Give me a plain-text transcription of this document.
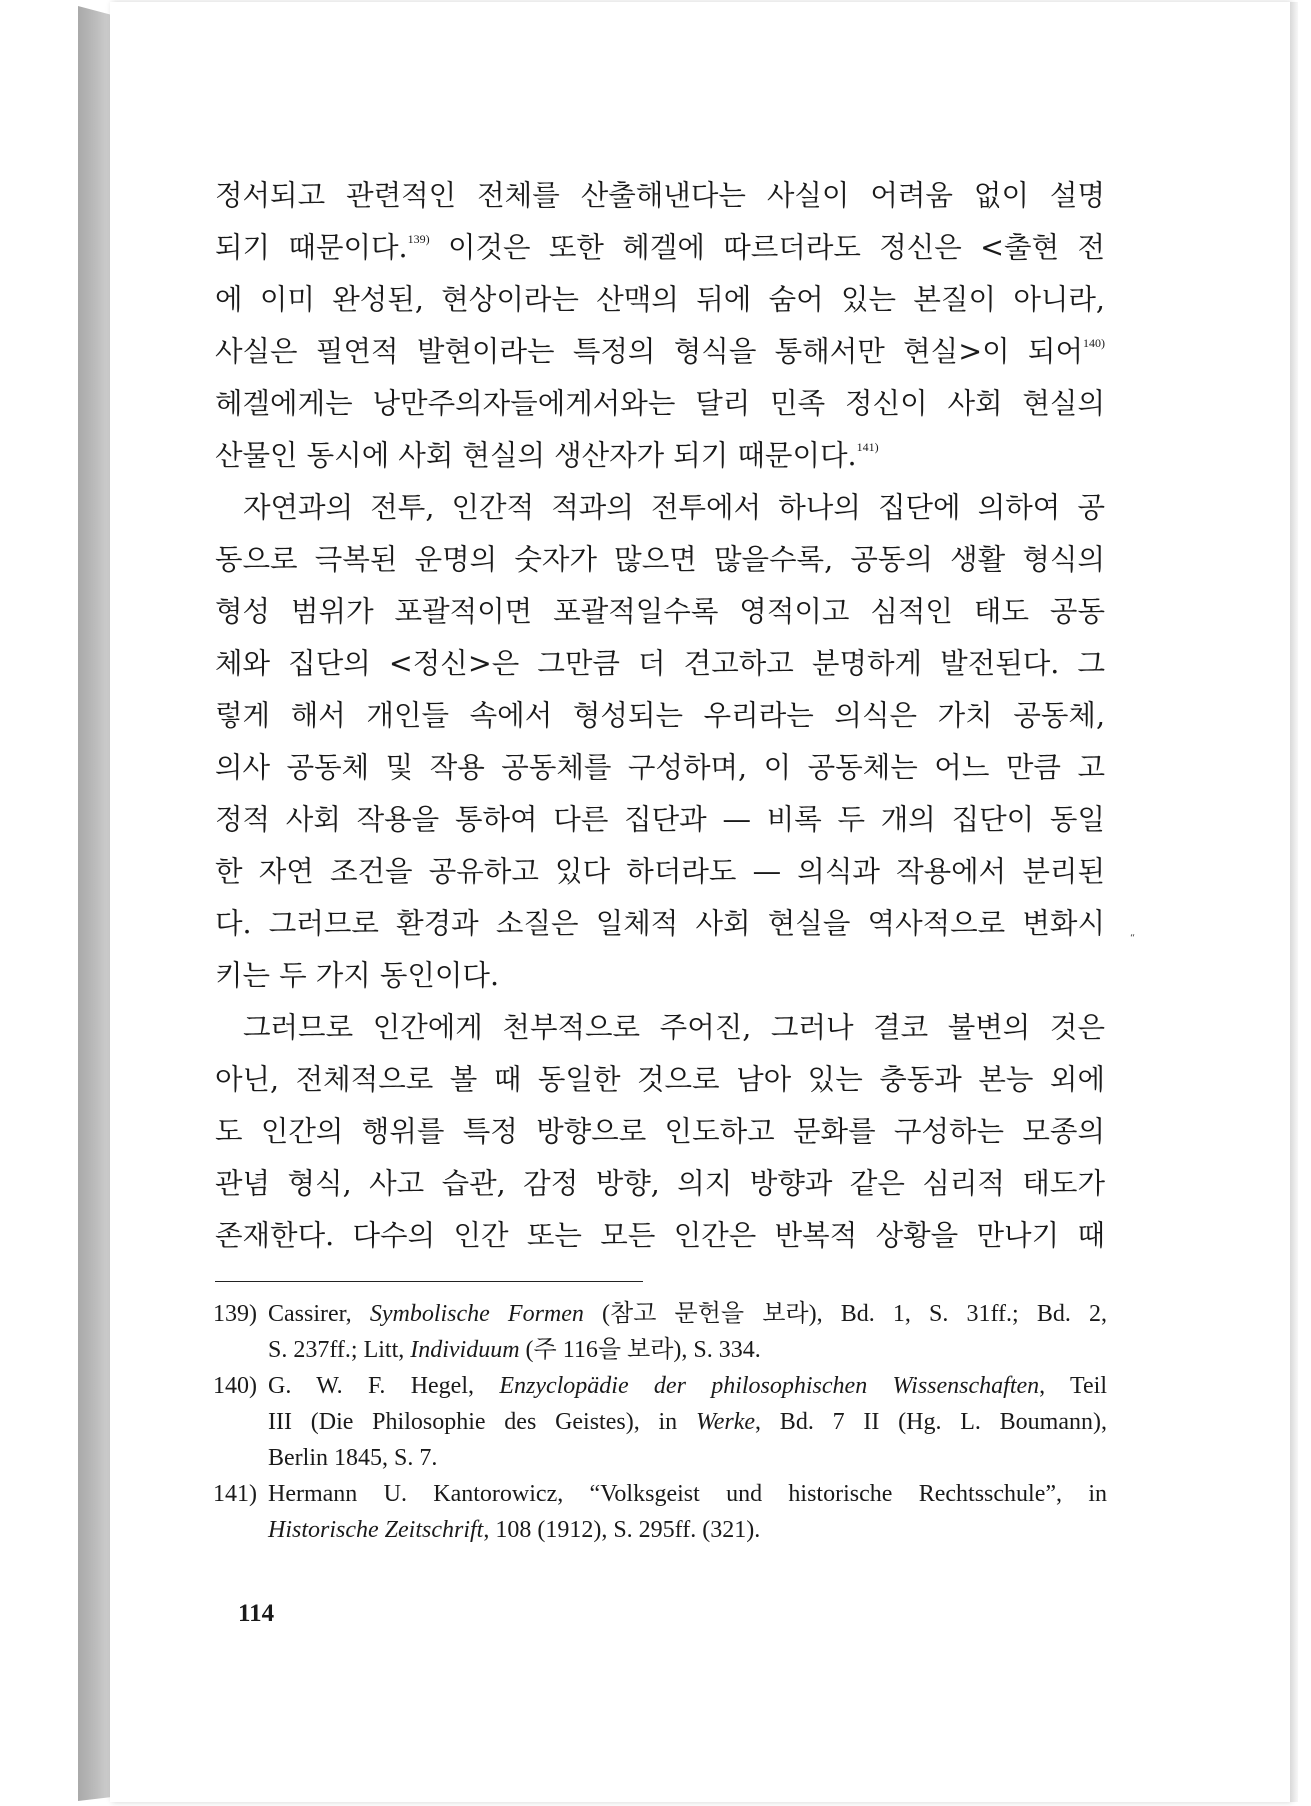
정서되고 관련적인 전체를 산출해낸다는 사실이 어려움 없이 설명
되기 때문이다.$^{139)}$ 이것은 또한 헤겔에 따르더라도 정신은 <출현 전
에 이미 완성된, 현상이라는 산맥의 뒤에 숨어 있는 본질이 아니라,
사실은 필연적 발현이라는 특정의 형식을 통해서만 현실>이 되어$^{140)}$
헤겔에게는 낭만주의자들에게서와는 달리 민족 정신이 사회 현실의
산물인 동시에 사회 현실의 생산자가 되기 때문이다.$^{141)}$
자연과의 전투, 인간적 적과의 전투에서 하나의 집단에 의하여 공
동으로 극복된 운명의 숫자가 많으면 많을수록, 공동의 생활 형식의
형성 범위가 포괄적이면 포괄적일수록 영적이고 심적인 태도 공동
체와 집단의 <정신>은 그만큼 더 견고하고 분명하게 발전된다. 그
렇게 해서 개인들 속에서 형성되는 우리라는 의식은 가치 공동체,
의사 공동체 및 작용 공동체를 구성하며, 이 공동체는 어느 만큼 고
정적 사회 작용을 통하여 다른 집단과 — 비록 두 개의 집단이 동일
한 자연 조건을 공유하고 있다 하더라도 — 의식과 작용에서 분리된
다. 그러므로 환경과 소질은 일체적 사회 현실을 역사적으로 변화시
키는 두 가지 동인이다.
그러므로 인간에게 천부적으로 주어진, 그러나 결코 불변의 것은
아닌, 전체적으로 볼 때 동일한 것으로 남아 있는 충동과 본능 외에
도 인간의 행위를 특정 방향으로 인도하고 문화를 구성하는 모종의
관념 형식, 사고 습관, 감정 방향, 의지 방향과 같은 심리적 태도가
존재한다. 다수의 인간 또는 모든 인간은 반복적 상황을 만나기 때
“
139) Cassirer, Symbolische Formen (참고 문헌을 보라), Bd. 1, S. 31ff.; Bd. 2,
S. 237ff.; Litt, Individuum (주 116을 보라), S. 334.
140) G. W. F. Hegel, Enzyclopädie der philosophischen Wissenschaften, Teil
III (Die Philosophie des Geistes), in Werke, Bd. 7 II (Hg. L. Boumann),
Berlin 1845, S. 7.
141) Hermann U. Kantorowicz, “Volksgeist und historische Rechtsschule”, in
Historische Zeitschrift, 108 (1912), S. 295ff. (321).
114
